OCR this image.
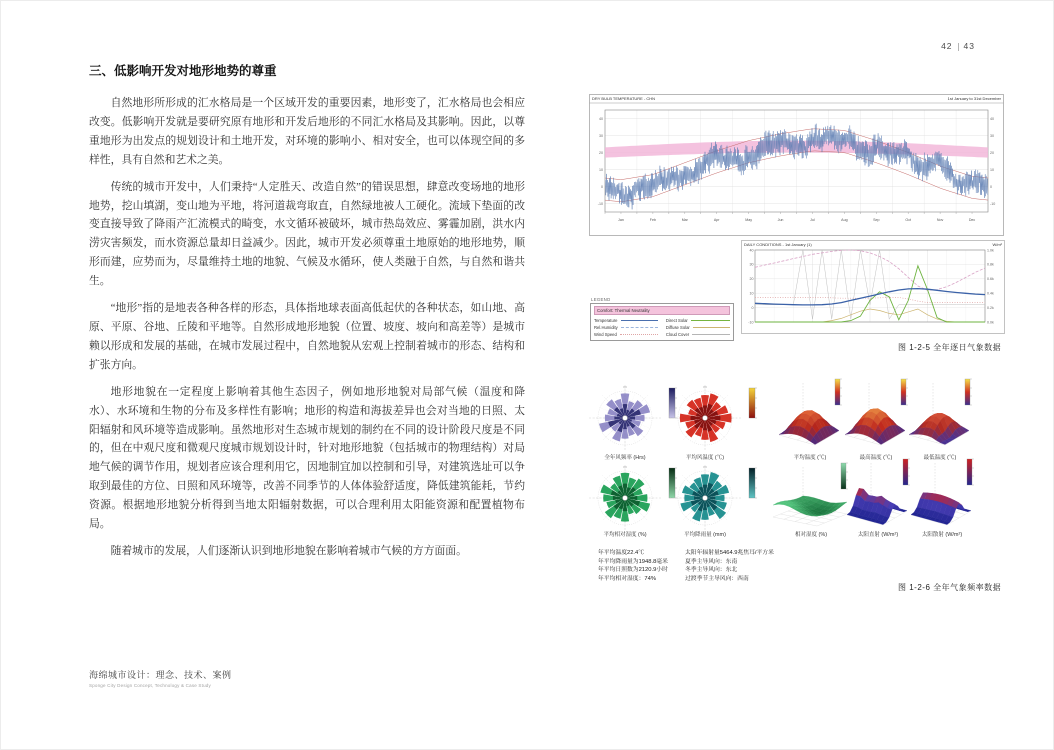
42 43
三、低影响开发对地形地势的尊重

自然地形所形成的汇水格局是一个区域开发的重要因素，地形变了，汇水格局也会相应改变。低影响开发就是要研究原有地形和开发后地形的不同汇水格局及其影响。因此，以尊重地形为出发点的规划设计和土地开发，对环境的影响小、相对安全，也可以体现空间的多样性，具有自然和艺术之美。

传统的城市开发中，人们秉持“人定胜天、改造自然”的错误思想，肆意改变场地的地形地势，挖山填湖，变山地为平地，将河道裁弯取直，自然绿地被人工硬化。流域下垫面的改变直接导致了降雨产汇流模式的畸变，水文循环被破坏，城市热岛效应、雾霾加剧，洪水内涝灾害频发，而水资源总量却日益减少。因此，城市开发必须尊重土地原始的地形地势，顺形而建，应势而为，尽量维持土地的地貌、气候及水循环，使人类融于自然，与自然和谐共生。

“地形”指的是地表各种各样的形态，具体指地球表面高低起伏的各种状态，如山地、高原、平原、谷地、丘陵和平地等。自然形成地形地貌（位置、坡度、坡向和高差等）是城市赖以形成和发展的基础，在城市发展过程中，自然地貌从宏观上控制着城市的形态、结构和扩张方向。

地形地貌在一定程度上影响着其他生态因子，例如地形地貌对局部气候（温度和降水）、水环境和生物的分布及多样性有影响；地形的构造和海拔差异也会对当地的日照、太阳辐射和风环境等造成影响。虽然地形对生态城市规划的制约在不同的设计阶段尺度是不同的，但在中观尺度和微观尺度城市规划设计时，针对地形地貌（包括城市的物理结构）对局地气候的调节作用，规划者应该合理利用它，因地制宜加以控制和引导，对建筑选址可以争取到最佳的方位、日照和风环境等，改善不同季节的人体体验舒适度，降低建筑能耗，节约资源。根据地形地貌分析得到当地太阳辐射数据，可以合理利用太阳能资源和配置植物布局。

随着城市的发展，人们逐渐认识到地形地貌在影响着城市气候的方方面面。

DRY BULB TEMPERATURE - CHN	1st January to 31st December
40	40
30	30
20	20
10	10
0	0
-10	-10
Jan	Feb	Mar	Apr	May	Jun	Jul	Aug	Sep	Oct	Nov	Dec
DAILY CONDITIONS - 1st January (1)	W/m²
40	1.0k
30	0.8k
20	0.6k
10	0.4k
0	0.2k
-10	0.0k
LEGEND
Comfort: Thermal Neutrality
Temperature
Rel.Humidity
Wind Speed
Direct Solar
Diffuse Solar
Cloud Cover
图 1-2-5 全年逐日气象数据
全年风频率 (Hrs)	平均风温度 (℃)
平均相对湿度 (%)	平均降雨量 (mm)
平均温度 (℃)	最高温度 (℃)	最低温度 (℃)
相对湿度 (%)	太阳直射 (W/m²)	太阳散射 (W/m²)
年平均温度22.4℃
年平均降雨量为1948.8毫米
年平均日照数为2120.9小时
年平均相对湿度：74%
太阳年辐射量5464.9兆焦耳/平方米
夏季主导风向：东南
冬季主导风向：东北
过渡季节主导风向：西南
图 1-2-6 全年气象频率数据
海绵城市设计：理念、技术、案例
Sponge City Design Concept, Technology & Case Study
